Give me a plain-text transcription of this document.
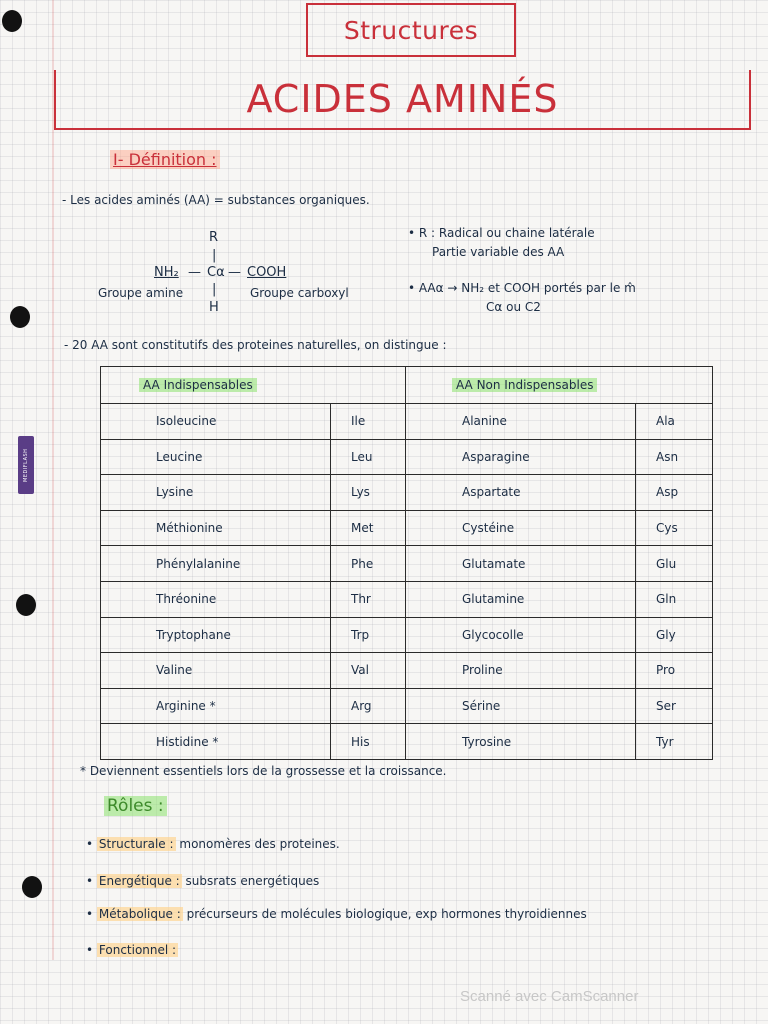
MEDIFLASH
Structures
ACIDES AMINÉS
I- Définition :
- Les acides aminés (AA) = substances organiques.
R
|
NH₂ — Cα — COOH
|
H
Groupe amine	Groupe carboxyl
• R : Radical ou chaine latérale
Partie variable des AA
• AAα → NH₂ et COOH portés par le m̂
Cα ou C2
- 20 AA sont constitutifs des proteines naturelles, on distingue :
AA Indispensables		AA Non Indispensables	
Isoleucine	Ile	Alanine	Ala
Leucine	Leu	Asparagine	Asn
Lysine	Lys	Aspartate	Asp
Méthionine	Met	Cystéine	Cys
Phénylalanine	Phe	Glutamate	Glu
Thréonine	Thr	Glutamine	Gln
Tryptophane	Trp	Glycocolle	Gly
Valine	Val	Proline	Pro
Arginine *	Arg	Sérine	Ser
Histidine *	His	Tyrosine	Tyr
* Deviennent essentiels lors de la grossesse et la croissance.
Rôles :
• Structurale : monomères des proteines.
• Energétique : subsrats energétiques
• Métabolique : précurseurs de molécules biologique, exp hormones thyroidiennes
• Fonctionnel :
Scanné avec CamScanner
